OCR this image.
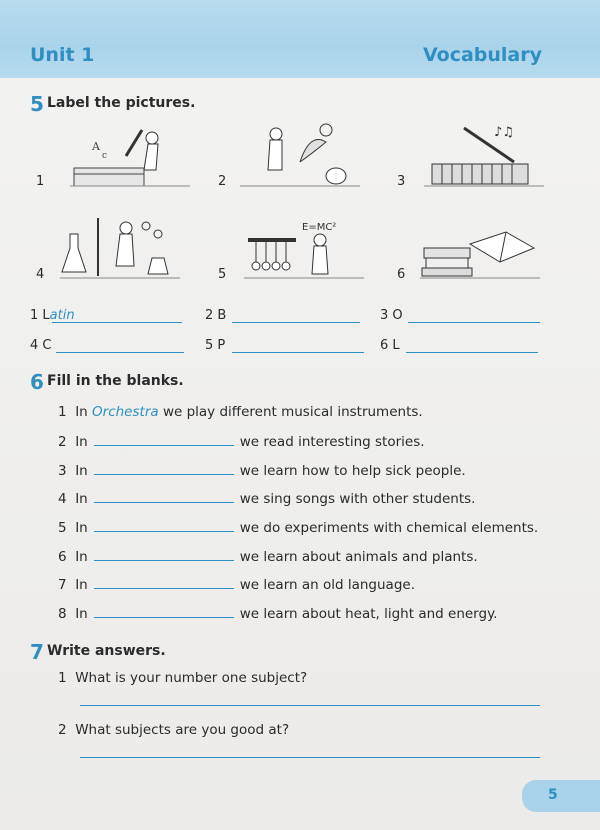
Unit 1	Vocabulary
5 Label the pictures.
1
A
c
2	3
♪♫
4	5
E=MC²
6
1 Latin	2 B	3 O
4 C	5 P	6 L
6 Fill in the blanks.
1 In Orchestra we play different musical instruments.
2 In	we read interesting stories.
3 In	we learn how to help sick people.
4 In	we sing songs with other students.
5 In	we do experiments with chemical elements.
6 In	we learn about animals and plants.
7 In	we learn an old language.
8 In	we learn about heat, light and energy.
7 Write answers.
1 What is your number one subject?
2 What subjects are you good at?
5
